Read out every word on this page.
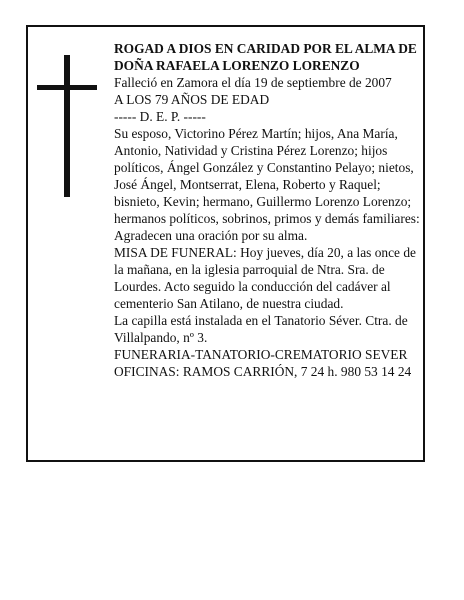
ROGAD A DIOS EN CARIDAD POR EL ALMA DE

DOÑA RAFAELA LORENZO LORENZO

Falleció en Zamora el día 19 de septiembre de 2007

A LOS 79 AÑOS DE EDAD

----- D. E. P. -----

Su esposo, Victorino Pérez Martín; hijos, Ana María, Antonio, Natividad y Cristina Pérez Lorenzo; hijos políticos, Ángel González y Constantino Pelayo; nietos, José Ángel, Montserrat, Elena, Roberto y Raquel; bisnieto, Kevin; hermano, Guillermo Lorenzo Lorenzo; hermanos políticos, sobrinos, primos y demás familiares:

Agradecen una oración por su alma.

MISA DE FUNERAL: Hoy jueves, día 20, a las once de la mañana, en la iglesia parroquial de Ntra. Sra. de Lourdes. Acto seguido la conducción del cadáver al cementerio San Atilano, de nuestra ciudad.

La capilla está instalada en el Tanatorio Séver. Ctra. de Villalpando, nº 3.

FUNERARIA-TANATORIO-CREMATORIO SEVER

OFICINAS: RAMOS CARRIÓN, 7 24 h. 980 53 14 24
